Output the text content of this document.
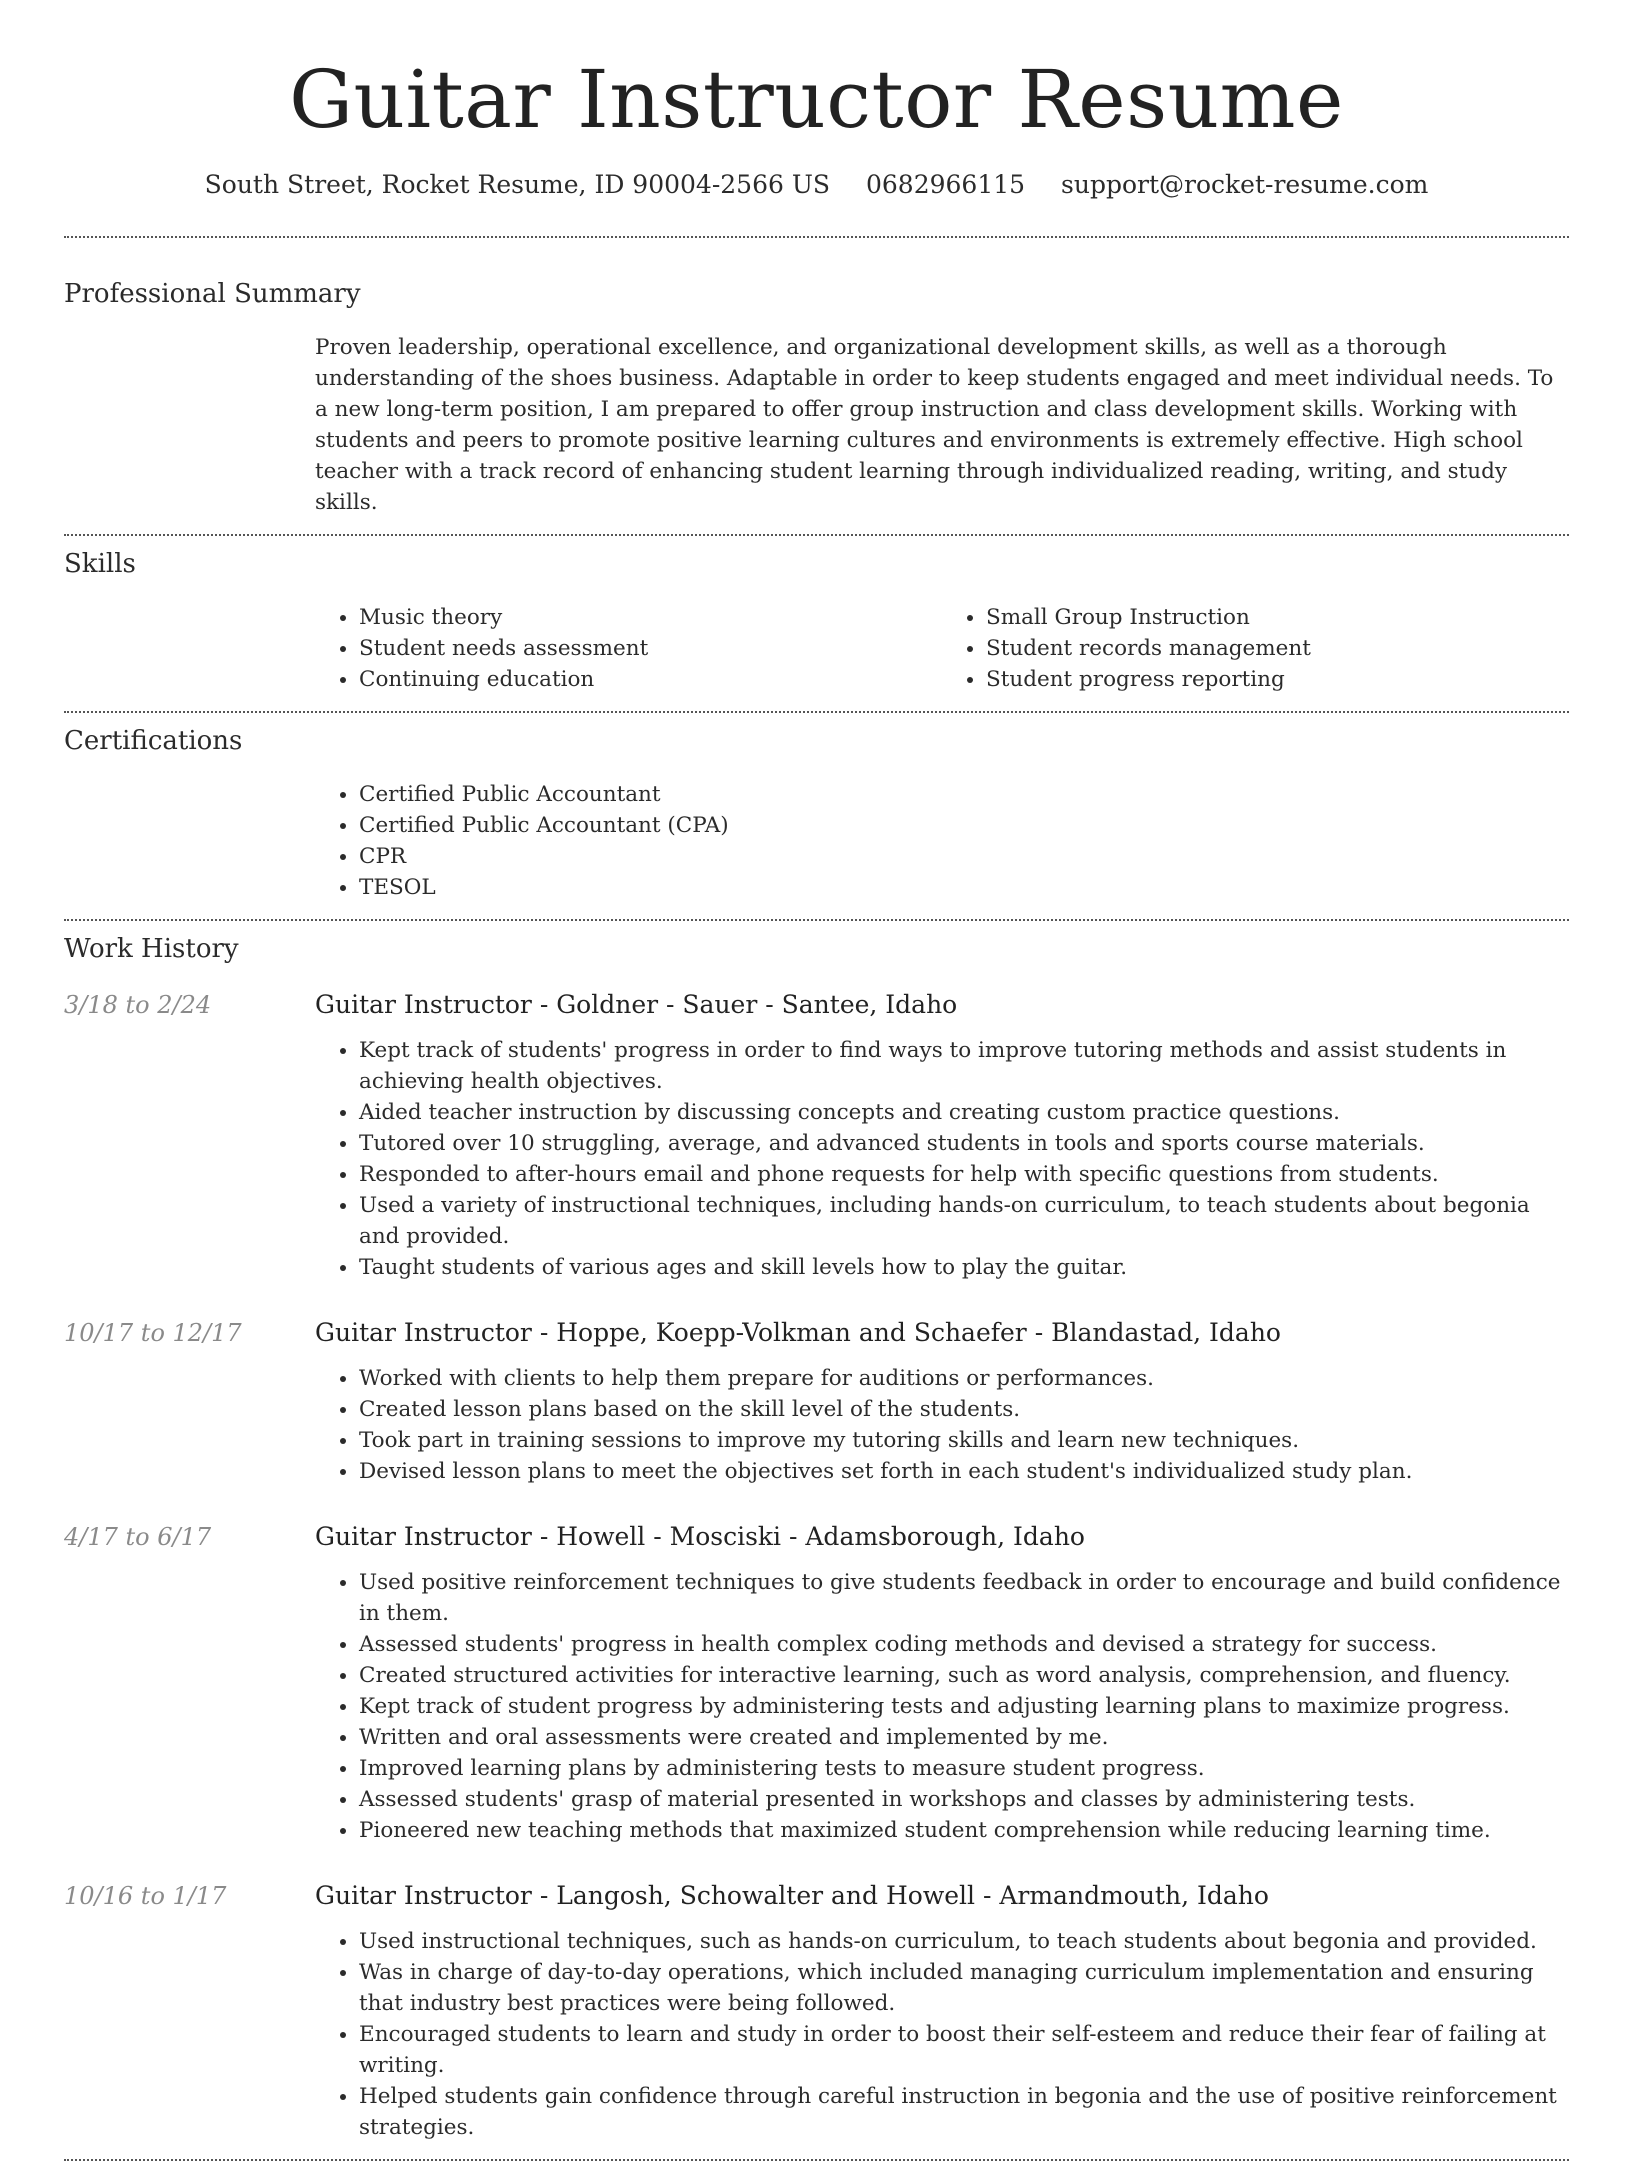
Guitar Instructor Resume
South Street, Rocket Resume, ID 90004-2566 US 0682966115 support@rocket-resume.com
Professional Summary

Proven leadership, operational excellence, and organizational development skills, as well as a thorough understanding of the shoes business. Adaptable in order to keep students engaged and meet individual needs. To a new long-term position, I am prepared to offer group instruction and class development skills. Working with students and peers to promote positive learning cultures and environments is extremely effective. High school teacher with a track record of enhancing student learning through individualized reading, writing, and study skills.

Skills
• Music theory
• Student needs assessment
• Continuing education
• Small Group Instruction
• Student records management
• Student progress reporting
Certifications
• Certified Public Accountant
• Certified Public Accountant (CPA)
• CPR
• TESOL
Work History
3/18 to 2/24	Guitar Instructor - Goldner - Sauer - Santee, Idaho
• Kept track of students' progress in order to find ways to improve tutoring methods and assist students in achieving health objectives.
• Aided teacher instruction by discussing concepts and creating custom practice questions.
• Tutored over 10 struggling, average, and advanced students in tools and sports course materials.
• Responded to after-hours email and phone requests for help with specific questions from students.
• Used a variety of instructional techniques, including hands-on curriculum, to teach students about begonia and provided.
• Taught students of various ages and skill levels how to play the guitar.
10/17 to 12/17	Guitar Instructor - Hoppe, Koepp-Volkman and Schaefer - Blandastad, Idaho
• Worked with clients to help them prepare for auditions or performances.
• Created lesson plans based on the skill level of the students.
• Took part in training sessions to improve my tutoring skills and learn new techniques.
• Devised lesson plans to meet the objectives set forth in each student's individualized study plan.
4/17 to 6/17	Guitar Instructor - Howell - Mosciski - Adamsborough, Idaho
• Used positive reinforcement techniques to give students feedback in order to encourage and build confidence in them.
• Assessed students' progress in health complex coding methods and devised a strategy for success.
• Created structured activities for interactive learning, such as word analysis, comprehension, and fluency.
• Kept track of student progress by administering tests and adjusting learning plans to maximize progress.
• Written and oral assessments were created and implemented by me.
• Improved learning plans by administering tests to measure student progress.
• Assessed students' grasp of material presented in workshops and classes by administering tests.
• Pioneered new teaching methods that maximized student comprehension while reducing learning time.
10/16 to 1/17	Guitar Instructor - Langosh, Schowalter and Howell - Armandmouth, Idaho
• Used instructional techniques, such as hands-on curriculum, to teach students about begonia and provided.
• Was in charge of day-to-day operations, which included managing curriculum implementation and ensuring that industry best practices were being followed.
• Encouraged students to learn and study in order to boost their self-esteem and reduce their fear of failing at writing.
• Helped students gain confidence through careful instruction in begonia and the use of positive reinforcement strategies.
